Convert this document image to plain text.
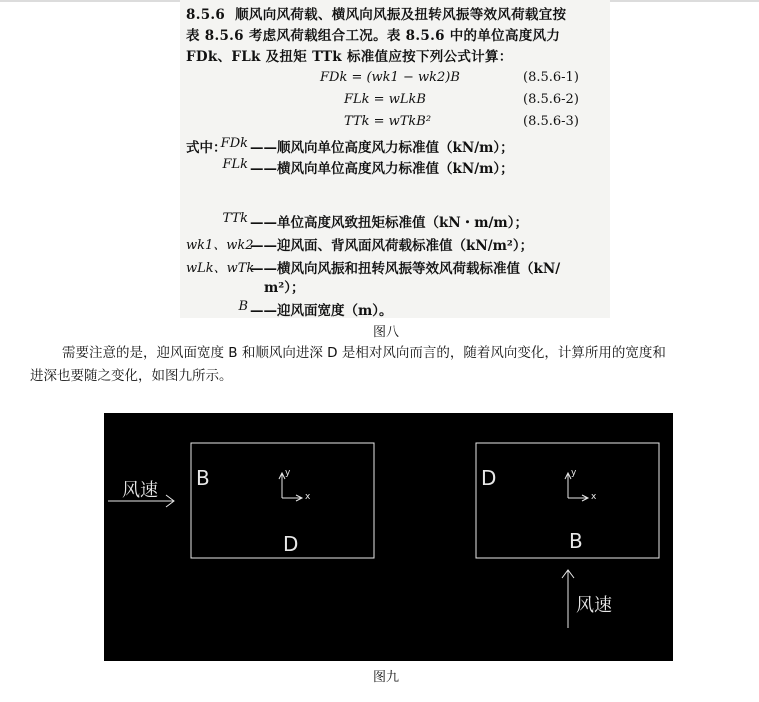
8.5.6 顺风向风荷载、横风向风振及扭转风振等效风荷载宜按
表 8.5.6 考虑风荷载组合工况。表 8.5.6 中的单位高度风力
FDk、FLk 及扭矩 TTk 标准值应按下列公式计算：
FDk = (wk1 − wk2)B	(8.5.6-1)
FLk = wLkB	(8.5.6-2)
TTk = wTkB²	(8.5.6-3)
式中：
FDk ——顺风向单位高度风力标准值（kN/m）；
FLk ——横风向单位高度风力标准值（kN/m）；
TTk ——单位高度风致扭矩标准值（kN・m/m）；
wk1、wk2
——迎风面、背风面风荷载标准值（kN/m²）；
wLk、wTk
——横风向风振和扭转风振等效风荷载标准值（kN/
m²）；
B ——迎风面宽度（m）。
图八
需要注意的是，迎风面宽度 B 和顺风向进深 D 是相对风向而言的，随着风向变化，计算所用的宽度和
进深也要随之变化，如图九所示。
风速
B
D
y
x
D
B
y
x
风速
图九
